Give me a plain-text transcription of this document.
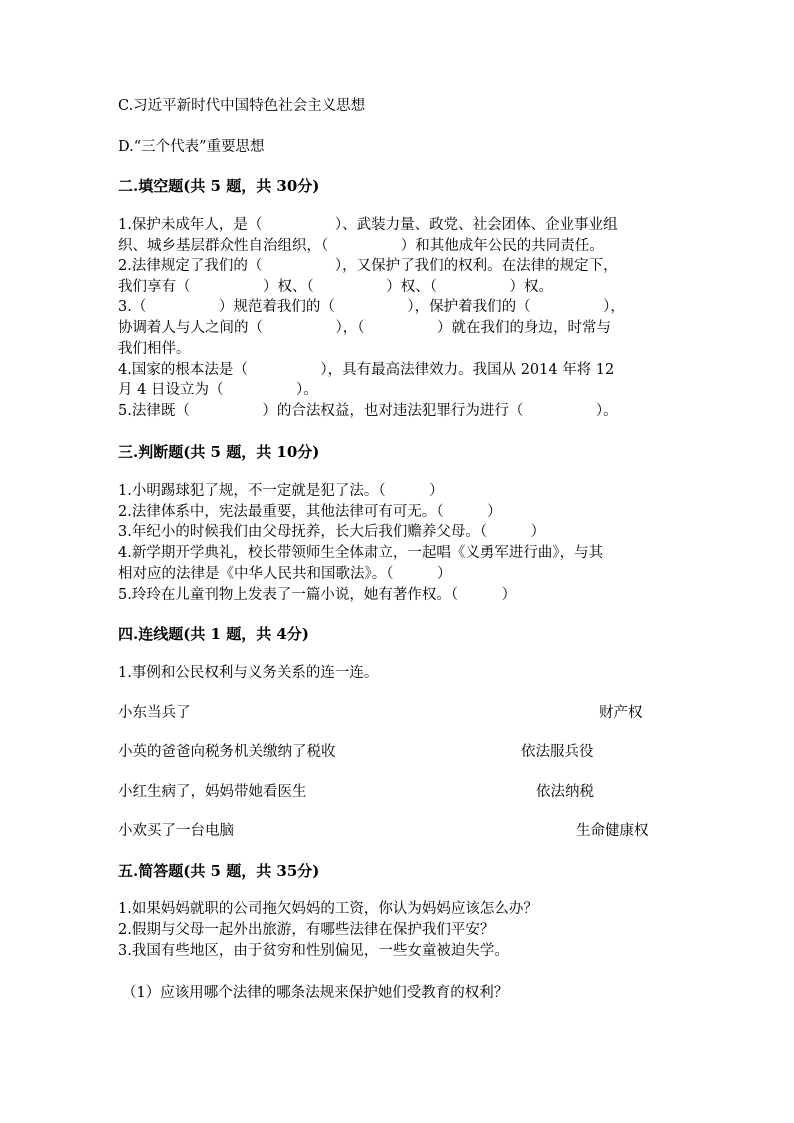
C.习近平新时代中国特色社会主义思想
D.“三个代表”重要思想
二.填空题(共 5 题，共 30分)
1.保护未成年人，是（　　　　　）、武装力量、政党、社会团体、企业事业组
织、城乡基层群众性自治组织，（　　　　　）和其他成年公民的共同责任。
2.法律规定了我们的（　　　　　），又保护了我们的权利。在法律的规定下，
我们享有（　　　　　）权、（　　　　　）权、（　　　　　）权。
3.（　　　　　）规范着我们的（　　　　　），保护着我们的（　　　　　），
协调着人与人之间的（　　　　　），（　　　　　）就在我们的身边，时常与
我们相伴。
4.国家的根本法是（　　　　　），具有最高法律效力。我国从 2014 年将 12
月 4 日设立为（　　　　　）。
5.法律既（　　　　　）的合法权益，也对违法犯罪行为进行（　　　　　）。
三.判断题(共 5 题，共 10分)
1.小明踢球犯了规，不一定就是犯了法。（　　　）
2.法律体系中，宪法最重要，其他法律可有可无。（　　　）
3.年纪小的时候我们由父母抚养，长大后我们赡养父母。（　　　）
4.新学期开学典礼，校长带领师生全体肃立，一起唱《义勇军进行曲》，与其
相对应的法律是《中华人民共和国歌法》。（　　　）
5.玲玲在儿童刊物上发表了一篇小说，她有著作权。（　　　）
四.连线题(共 1 题，共 4分)
1.事例和公民权利与义务关系的连一连。
小东当兵了	财产权
小英的爸爸向税务机关缴纳了税收	依法服兵役
小红生病了，妈妈带她看医生	依法纳税
小欢买了一台电脑	生命健康权
五.简答题(共 5 题，共 35分)
1.如果妈妈就职的公司拖欠妈妈的工资，你认为妈妈应该怎么办？
2.假期与父母一起外出旅游，有哪些法律在保护我们平安？
3.我国有些地区，由于贫穷和性别偏见，一些女童被迫失学。
（1）应该用哪个法律的哪条法规来保护她们受教育的权利？
